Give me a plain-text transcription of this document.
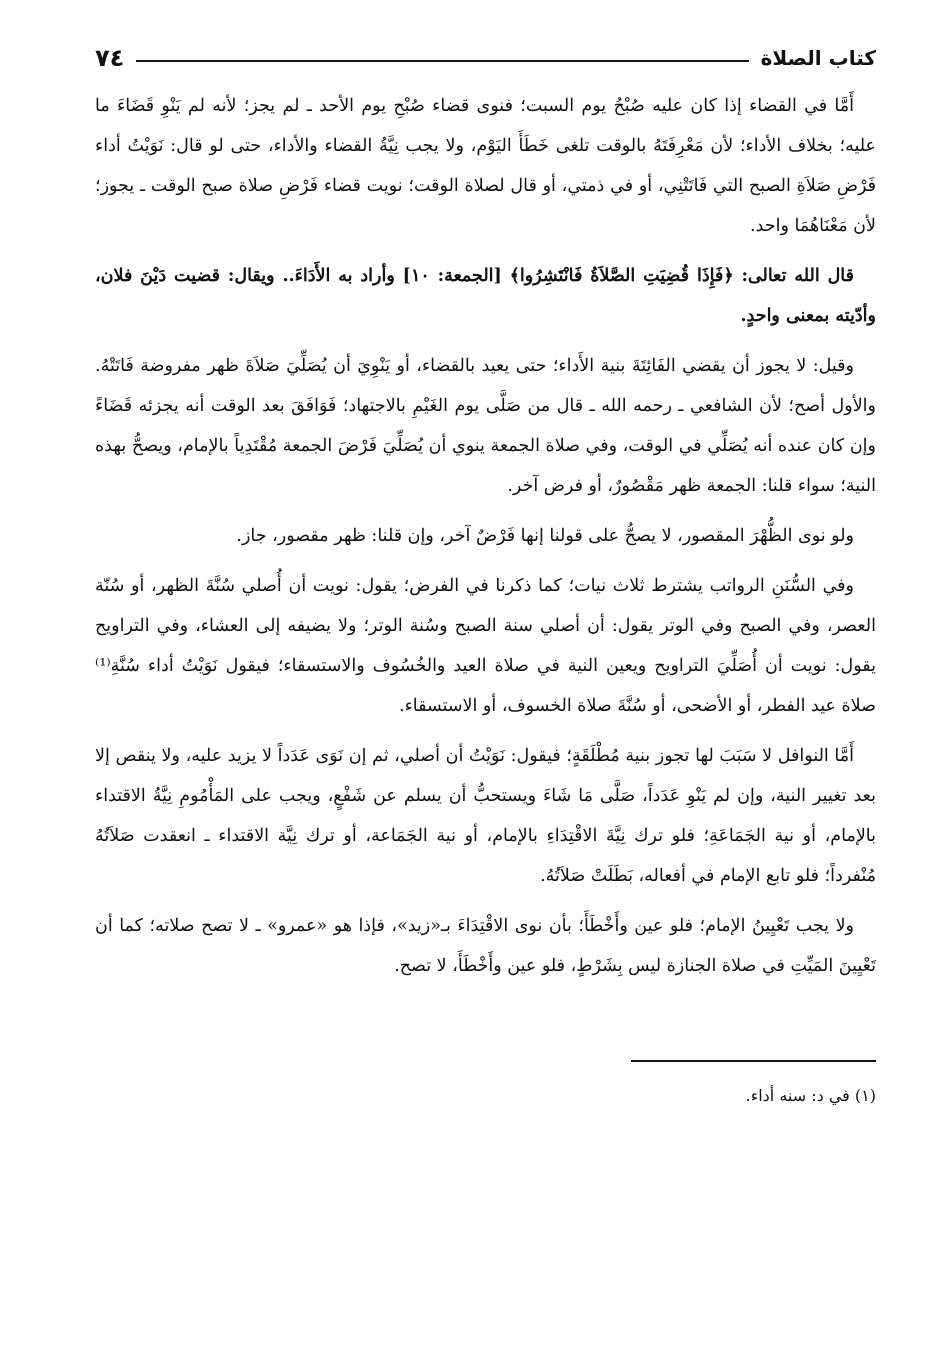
كتاب الصلاة
٧٤

أَمَّا في القضاء إذا كان عليه صُبْحُ يوم السبت؛ فنوى قضاء صُبْحِ يوم الأحد ـ لم يجز؛ لأنه لم يَنْوِ قَضَاءَ ما عليه؛ بخلاف الأداء؛ لأن مَعْرِفَتَهُ بالوقت تلغى خَطَأَ اليَوْم، ولا يجب نِيَّةُ القضاء والأداء، حتى لو قال: نَوَيْتُ أداء فَرْضِ صَلاَةِ الصبح التي فَاتَتْنِي، أو في ذمتي، أو قال لصلاة الوقت؛ نويت قضاء فَرْضِ صلاة صبح الوقت ـ يجوز؛ لأن مَعْنَاهُمَا واحد.

قال الله تعالى: ﴿فَإِذَا قُضِيَتِ الصَّلاَةُ فَانْتَشِرُوا﴾ [الجمعة: ١٠] وأراد به الأَدَاءَ.. ويقال: قضيت دَيْنَ فلان، وأدّيته بمعنى واحدٍ.

وقيل: لا يجوز أن يقضي الفَائِتَةَ بنية الأَداء؛ حتى يعيد بالقضاء، أو يَنْوِيَ أن يُصَلِّيَ صَلاَةَ ظهر مفروضة فَاتَتْهُ. والأول أصح؛ لأن الشافعي ـ رحمه الله ـ قال من صَلَّى يوم الغَيْمِ بالاجتهاد؛ فَوَافَقَ بعد الوقت أنه يجزئه قَضَاءً وإن كان عنده أنه يُصَلِّي في الوقت، وفي صلاة الجمعة ينوي أن يُصَلِّيَ فَرْضَ الجمعة مُقْتَدِياً بالإمام، ويصحُّ بهذه النية؛ سواء قلنا: الجمعة ظهر مَقْصُورٌ، أو فرض آخر.

ولو نوى الظُّهْرَ المقصور، لا يصحُّ على قولنا إنها فَرْضٌ آخر، وإن قلنا: ظهر مقصور، جاز.

وفي السُّنَنِ الرواتب يشترط ثلاث نيات؛ كما ذكرنا في الفرض؛ يقول: نويت أن أُصلي سُنَّةَ الظهر، أو سُنّة العصر، وفي الصبح وفي الوتر يقول: أن أصلي سنة الصبح وسُنة الوتر؛ ولا يضيفه إلى العشاء، وفي التراويح يقول: نويت أن أُصَلِّيَ التراويح ويعين النية في صلاة العيد والخُسُوف والاستسقاء؛ فيقول نَوَيْتُ أداء سُنَّةِ⁽¹⁾ صلاة عيد الفطر، أو الأضحى، أو سُنَّةَ صلاة الخسوف، أو الاستسقاء.

أَمَّا النوافل لا سَبَبَ لها تجوز بنية مُطْلَقَةٍ؛ فيقول: نَوَيْتُ أن أصلي، ثم إن نَوَى عَدَداً لا يزيد عليه، ولا ينقص إلا بعد تغيير النية، وإن لم يَنْوِ عَدَداً، صَلَّى مَا شَاءَ ويستحبُّ أن يسلم عن شَفْعٍ، ويجب على المَأْمُومِ نِيَّةُ الاقتداء بالإمام، أو نية الجَمَاعَةِ؛ فلو ترك نِيَّةَ الاقْتِدَاءِ بالإمام، أو نية الجَمَاعة، أو ترك نِيَّة الاقتداء ـ انعقدت صَلاَتُهُ مُنْفرداً؛ فلو تابع الإمام في أفعاله، بَطَلَتْ صَلاَتُهُ.

ولا يجب تَعْيِينُ الإمام؛ فلو عين وأَخْطَأَ؛ بأن نوى الاقْتِدَاءَ بـ«زيد»، فإذا هو «عمرو» ـ لا تصح صلاته؛ كما أن تَعْيِينَ المَيِّتِ في صلاة الجنازة ليس بِشَرْطٍ، فلو عين وأَخْطَأَ، لا تصح.

(١) في د: سنه أداء.
